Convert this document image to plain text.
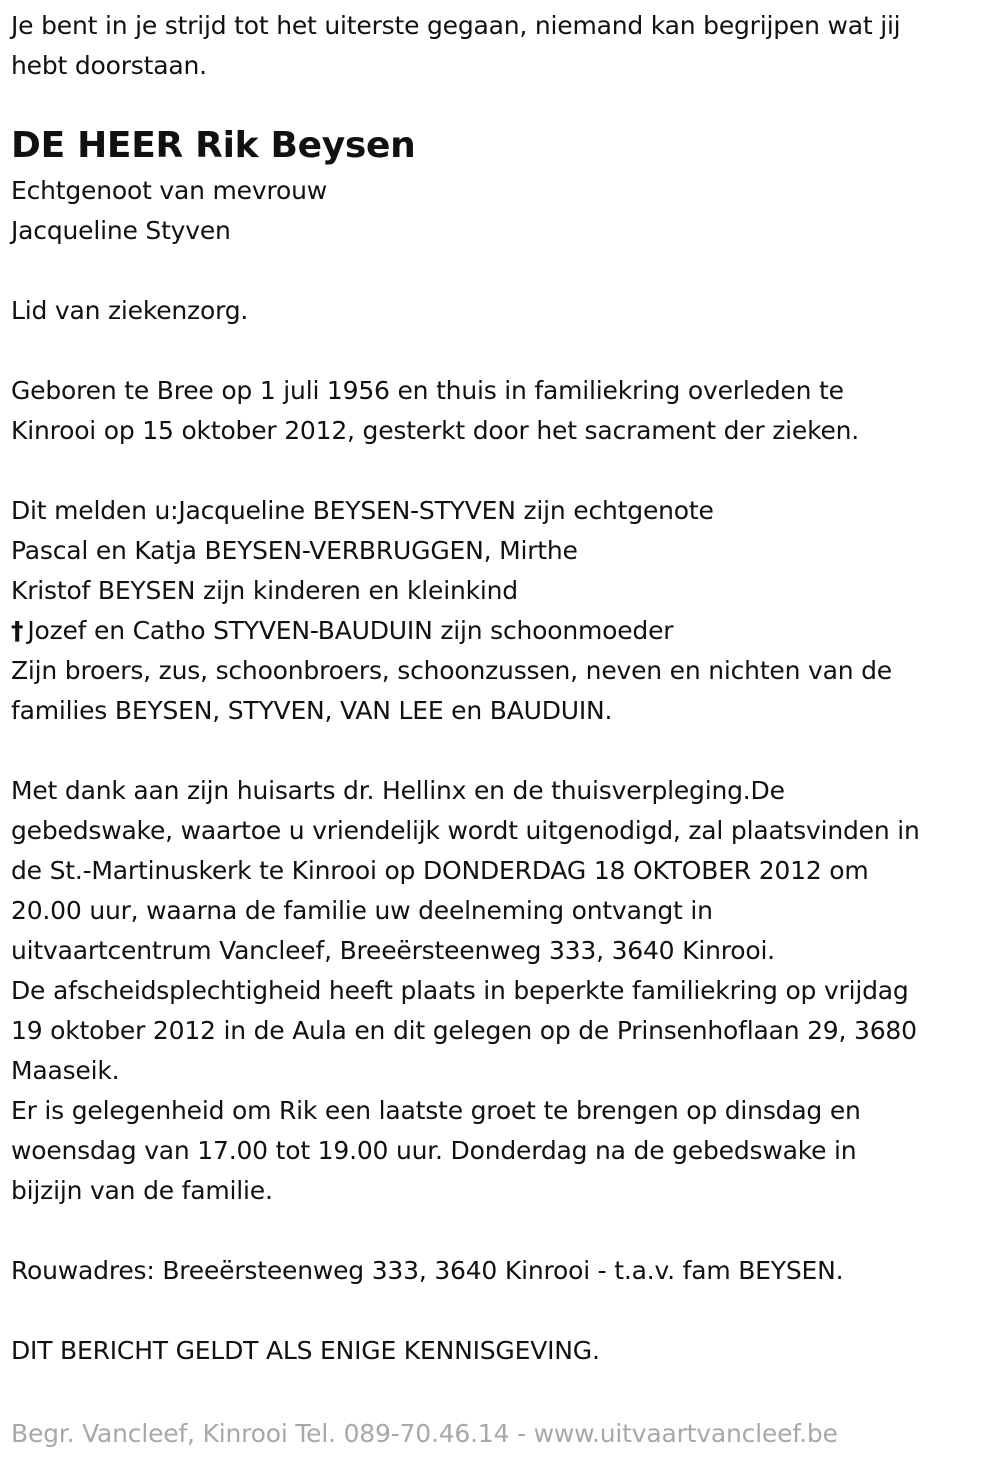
Je bent in je strijd tot het uiterste gegaan, niemand kan begrijpen wat jij
hebt doorstaan.
DE HEER Rik Beysen
Echtgenoot van mevrouw
Jacqueline Styven
Lid van ziekenzorg.
Geboren te Bree op 1 juli 1956 en thuis in familiekring overleden te
Kinrooi op 15 oktober 2012, gesterkt door het sacrament der zieken.
Dit melden u:Jacqueline BEYSEN-STYVEN zijn echtgenote
Pascal en Katja BEYSEN-VERBRUGGEN, Mirthe
Kristof BEYSEN zijn kinderen en kleinkind
† Jozef en Catho STYVEN-BAUDUIN zijn schoonmoeder
Zijn broers, zus, schoonbroers, schoonzussen, neven en nichten van de
families BEYSEN, STYVEN, VAN LEE en BAUDUIN.
Met dank aan zijn huisarts dr. Hellinx en de thuisverpleging.De
gebedswake, waartoe u vriendelijk wordt uitgenodigd, zal plaatsvinden in
de St.-Martinuskerk te Kinrooi op DONDERDAG 18 OKTOBER 2012 om
20.00 uur, waarna de familie uw deelneming ontvangt in
uitvaartcentrum Vancleef, Breeërsteenweg 333, 3640 Kinrooi.
De afscheidsplechtigheid heeft plaats in beperkte familiekring op vrijdag
19 oktober 2012 in de Aula en dit gelegen op de Prinsenhoflaan 29, 3680
Maaseik.
Er is gelegenheid om Rik een laatste groet te brengen op dinsdag en
woensdag van 17.00 tot 19.00 uur. Donderdag na de gebedswake in
bijzijn van de familie.
Rouwadres: Breeërsteenweg 333, 3640 Kinrooi - t.a.v. fam BEYSEN.
DIT BERICHT GELDT ALS ENIGE KENNISGEVING.
Begr. Vancleef, Kinrooi Tel. 089-70.46.14 - www.uitvaartvancleef.be
